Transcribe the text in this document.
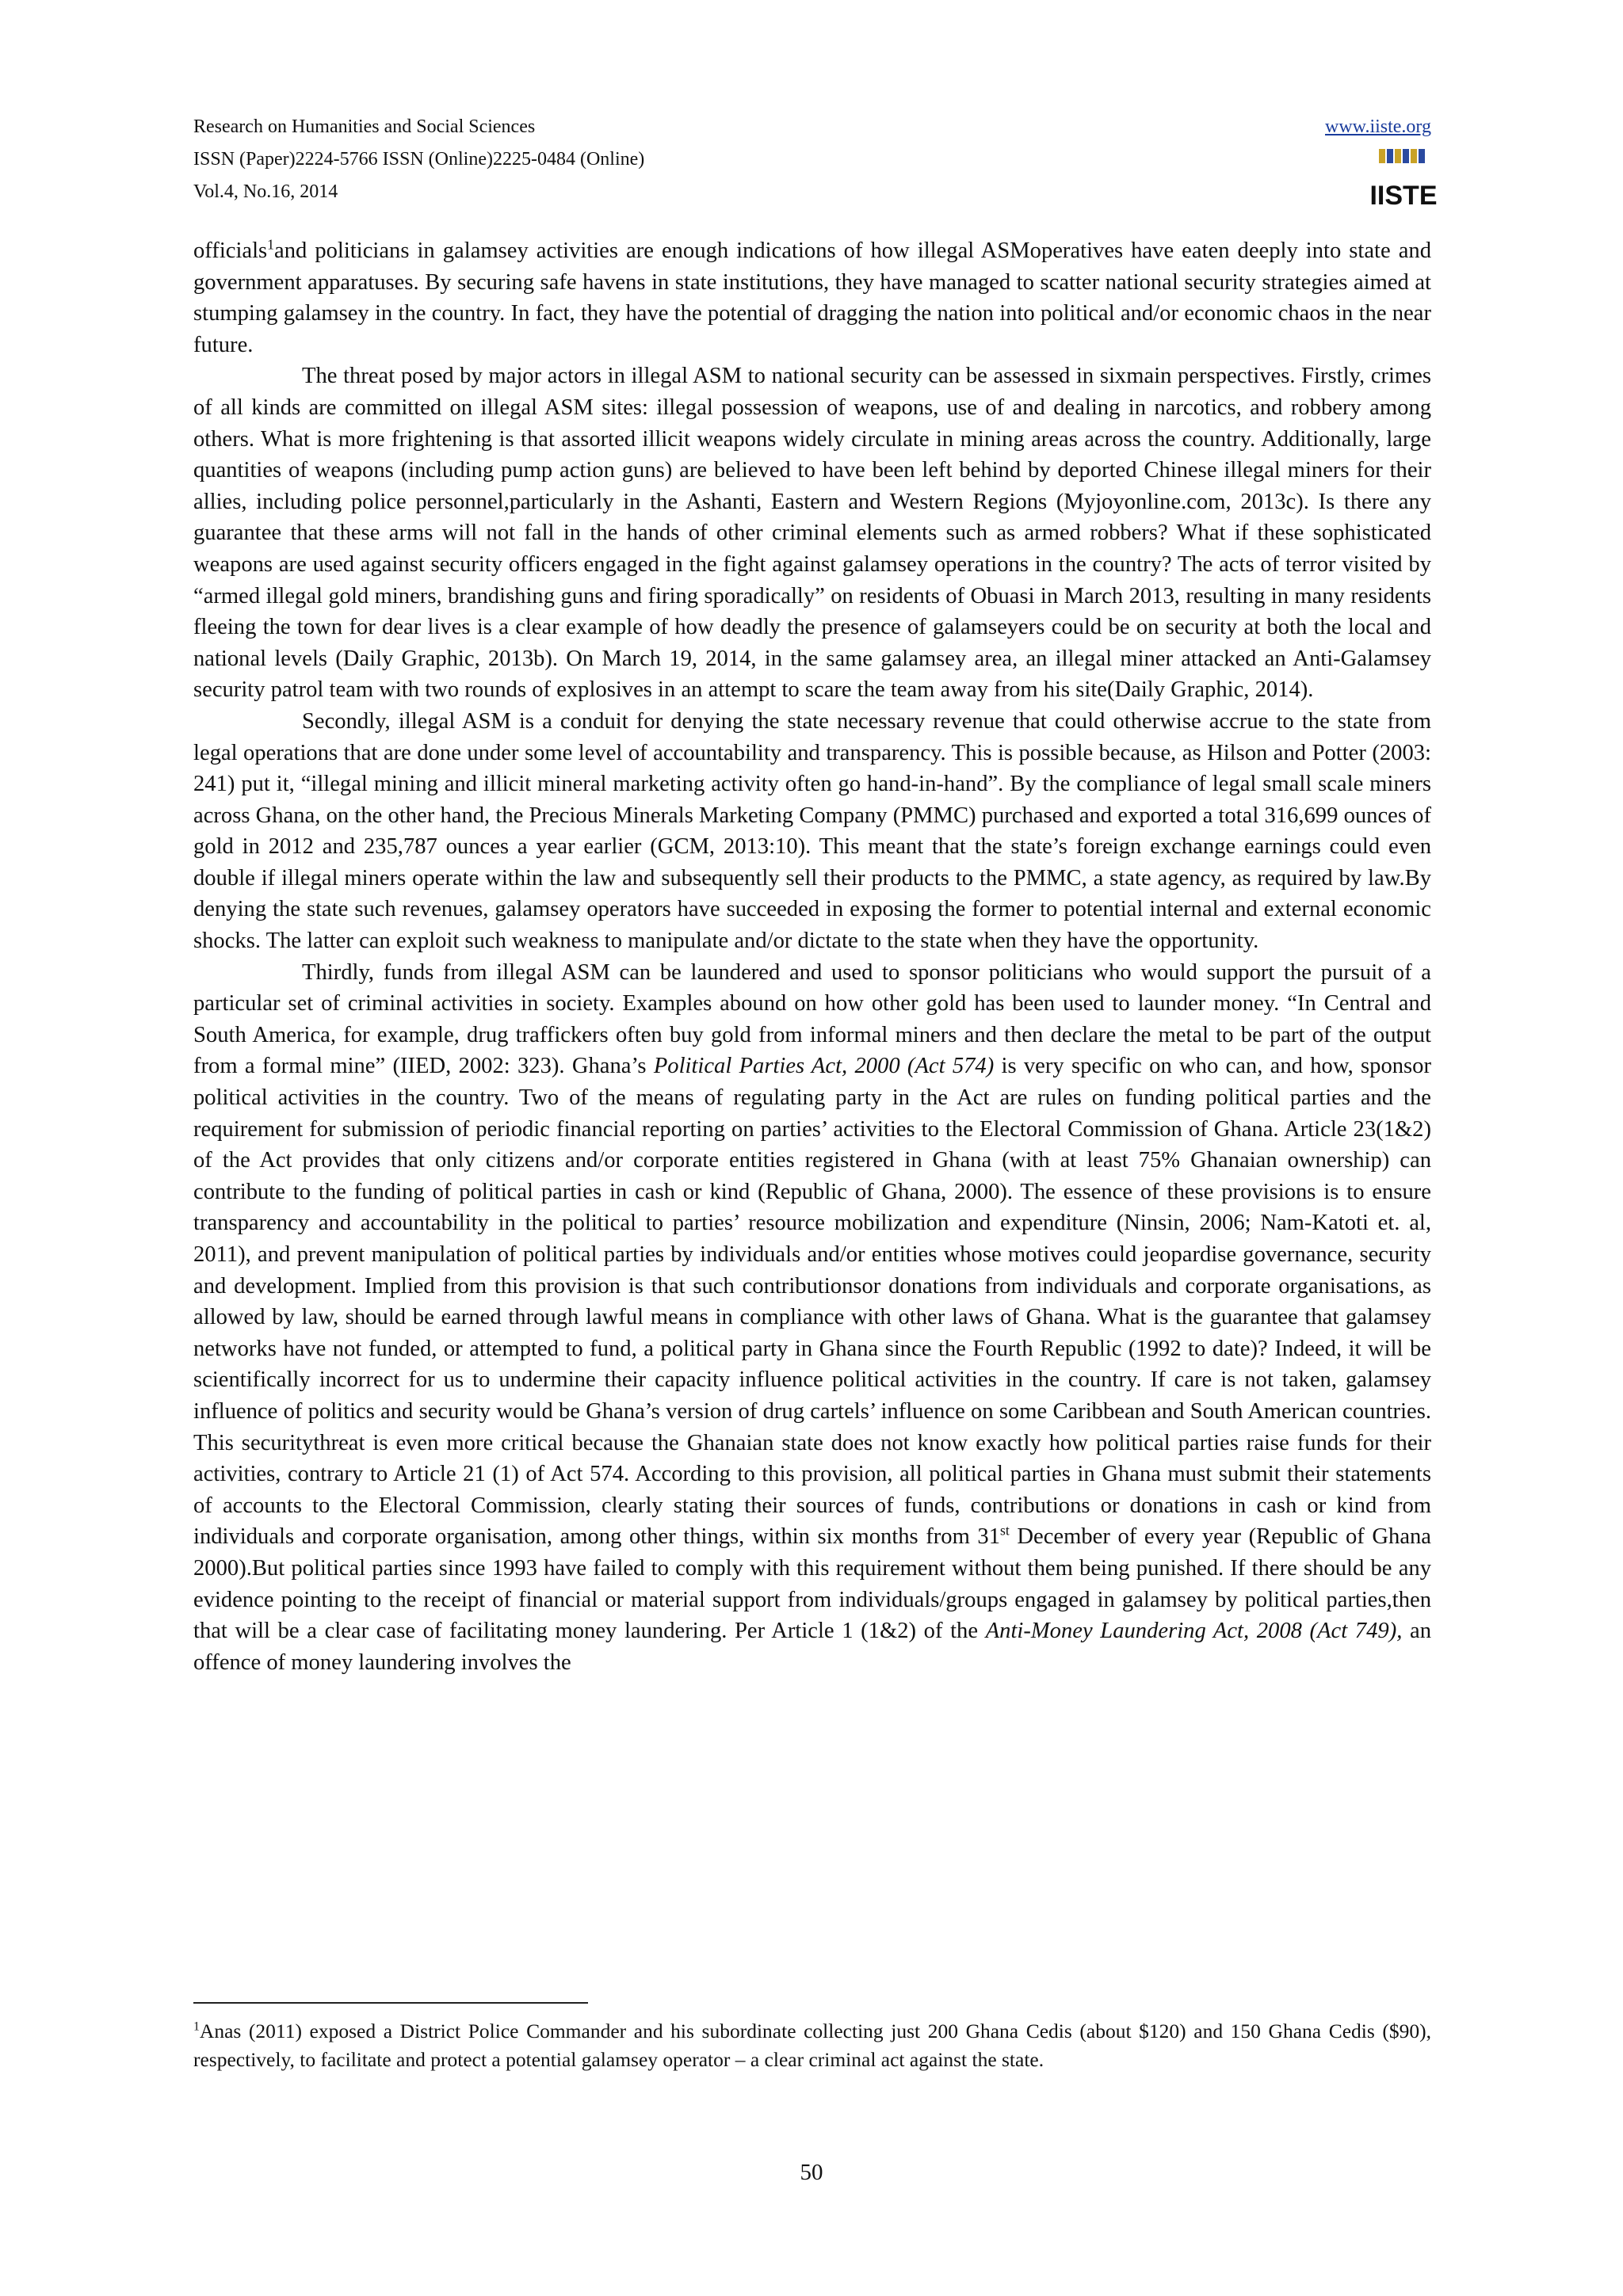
Research on Humanities and Social Sciences
ISSN (Paper)2224-5766 ISSN (Online)2225-0484 (Online)
Vol.4, No.16, 2014
www.iiste.org
IISTE

officials$^1$and politicians in galamsey activities are enough indications of how illegal ASMoperatives have eaten deeply into state and government apparatuses. By securing safe havens in state institutions, they have managed to scatter national security strategies aimed at stumping galamsey in the country. In fact, they have the potential of dragging the nation into political and/or economic chaos in the near future.

The threat posed by major actors in illegal ASM to national security can be assessed in sixmain perspectives. Firstly, crimes of all kinds are committed on illegal ASM sites: illegal possession of weapons, use of and dealing in narcotics, and robbery among others. What is more frightening is that assorted illicit weapons widely circulate in mining areas across the country. Additionally, large quantities of weapons (including pump action guns) are believed to have been left behind by deported Chinese illegal miners for their allies, including police personnel,particularly in the Ashanti, Eastern and Western Regions (Myjoyonline.com, 2013c). Is there any guarantee that these arms will not fall in the hands of other criminal elements such as armed robbers? What if these sophisticated weapons are used against security officers engaged in the fight against galamsey operations in the country? The acts of terror visited by “armed illegal gold miners, brandishing guns and firing sporadically” on residents of Obuasi in March 2013, resulting in many residents fleeing the town for dear lives is a clear example of how deadly the presence of galamseyers could be on security at both the local and national levels (Daily Graphic, 2013b). On March 19, 2014, in the same galamsey area, an illegal miner attacked an Anti-Galamsey security patrol team with two rounds of explosives in an attempt to scare the team away from his site(Daily Graphic, 2014).

Secondly, illegal ASM is a conduit for denying the state necessary revenue that could otherwise accrue to the state from legal operations that are done under some level of accountability and transparency. This is possible because, as Hilson and Potter (2003: 241) put it, “illegal mining and illicit mineral marketing activity often go hand-in-hand”. By the compliance of legal small scale miners across Ghana, on the other hand, the Precious Minerals Marketing Company (PMMC) purchased and exported a total 316,699 ounces of gold in 2012 and 235,787 ounces a year earlier (GCM, 2013:10). This meant that the state’s foreign exchange earnings could even double if illegal miners operate within the law and subsequently sell their products to the PMMC, a state agency, as required by law.By denying the state such revenues, galamsey operators have succeeded in exposing the former to potential internal and external economic shocks. The latter can exploit such weakness to manipulate and/or dictate to the state when they have the opportunity.

Thirdly, funds from illegal ASM can be laundered and used to sponsor politicians who would support the pursuit of a particular set of criminal activities in society. Examples abound on how other gold has been used to launder money. “In Central and South America, for example, drug traffickers often buy gold from informal miners and then declare the metal to be part of the output from a formal mine” (IIED, 2002: 323). Ghana’s Political Parties Act, 2000 (Act 574) is very specific on who can, and how, sponsor political activities in the country. Two of the means of regulating party in the Act are rules on funding political parties and the requirement for submission of periodic financial reporting on parties’ activities to the Electoral Commission of Ghana. Article 23(1&2) of the Act provides that only citizens and/or corporate entities registered in Ghana (with at least 75% Ghanaian ownership) can contribute to the funding of political parties in cash or kind (Republic of Ghana, 2000). The essence of these provisions is to ensure transparency and accountability in the political to parties’ resource mobilization and expenditure (Ninsin, 2006; Nam-Katoti et. al, 2011), and prevent manipulation of political parties by individuals and/or entities whose motives could jeopardise governance, security and development. Implied from this provision is that such contributionsor donations from individuals and corporate organisations, as allowed by law, should be earned through lawful means in compliance with other laws of Ghana. What is the guarantee that galamsey networks have not funded, or attempted to fund, a political party in Ghana since the Fourth Republic (1992 to date)? Indeed, it will be scientifically incorrect for us to undermine their capacity influence political activities in the country. If care is not taken, galamsey influence of politics and security would be Ghana’s version of drug cartels’ influence on some Caribbean and South American countries. This securitythreat is even more critical because the Ghanaian state does not know exactly how political parties raise funds for their activities, contrary to Article 21 (1) of Act 574. According to this provision, all political parties in Ghana must submit their statements of accounts to the Electoral Commission, clearly stating their sources of funds, contributions or donations in cash or kind from individuals and corporate organisation, among other things, within six months from 31st December of every year (Republic of Ghana 2000).But political parties since 1993 have failed to comply with this requirement without them being punished. If there should be any evidence pointing to the receipt of financial or material support from individuals/groups engaged in galamsey by political parties,then that will be a clear case of facilitating money laundering. Per Article 1 (1&2) of the Anti-Money Laundering Act, 2008 (Act 749), an offence of money laundering involves the

$^1$Anas (2011) exposed a District Police Commander and his subordinate collecting just 200 Ghana Cedis (about $120) and 150 Ghana Cedis ($90), respectively, to facilitate and protect a potential galamsey operator – a clear criminal act against the state.

50
